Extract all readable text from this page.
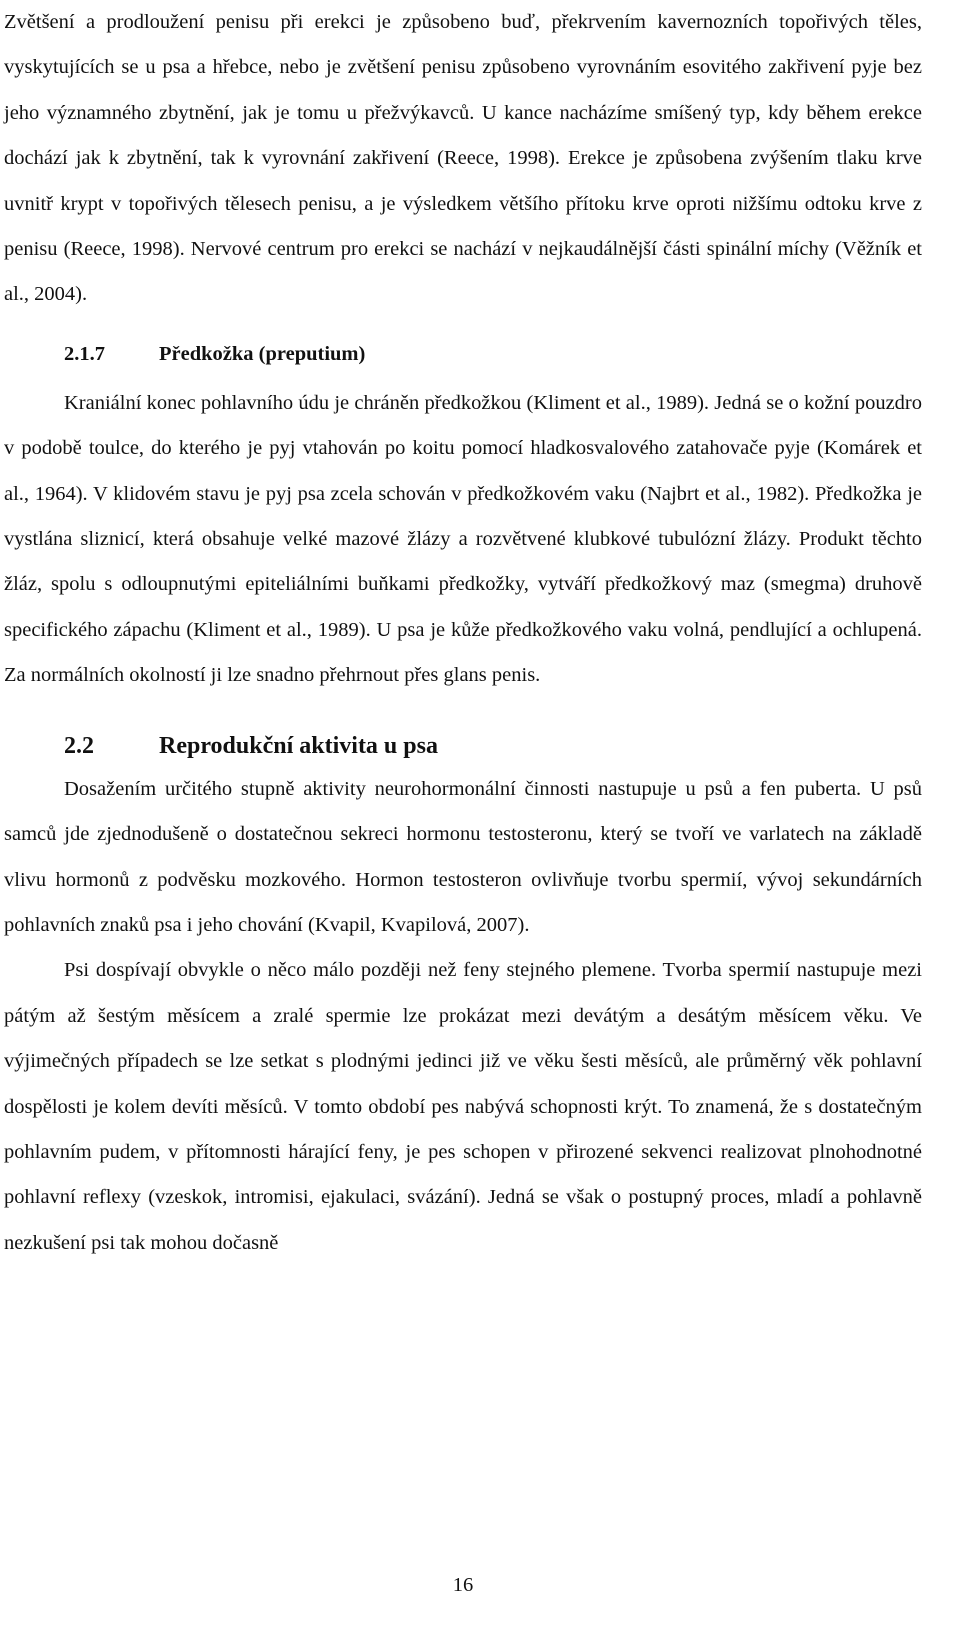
Zvětšení a prodloužení penisu při erekci je způsobeno buď, překrvením kavernozních topořivých těles, vyskytujících se u psa a hřebce, nebo je zvětšení penisu způsobeno vyrovnáním esovitého zakřivení pyje bez jeho významného zbytnění, jak je tomu u přežvýkavců. U kance nacházíme smíšený typ, kdy během erekce dochází jak k zbytnění, tak k vyrovnání zakřivení (Reece, 1998). Erekce je způsobena zvýšením tlaku krve uvnitř krypt v topořivých tělesech penisu, a je výsledkem většího přítoku krve oproti nižšímu odtoku krve z penisu (Reece, 1998). Nervové centrum pro erekci se nachází v nejkaudálnější části spinální míchy (Věžník et al., 2004).

2.1.7	Předkožka (preputium)

Kraniální konec pohlavního údu je chráněn předkožkou (Kliment et al., 1989). Jedná se o kožní pouzdro v podobě toulce, do kterého je pyj vtahován po koitu pomocí hladkosvalového zatahovače pyje (Komárek et al., 1964). V klidovém stavu je pyj psa zcela schován v předkožkovém vaku (Najbrt et al., 1982). Předkožka je vystlána sliznicí, která obsahuje velké mazové žlázy a rozvětvené klubkové tubulózní žlázy. Produkt těchto žláz, spolu s odloupnutými epiteliálními buňkami předkožky, vytváří předkožkový maz (smegma) druhově specifického zápachu (Kliment et al., 1989). U psa je kůže předkožkového vaku volná, pendlující a ochlupená. Za normálních okolností ji lze snadno přehrnout přes glans penis.

2.2	Reprodukční aktivita u psa

Dosažením určitého stupně aktivity neurohormonální činnosti nastupuje u psů a fen puberta. U psů samců jde zjednodušeně o dostatečnou sekreci hormonu testosteronu, který se tvoří ve varlatech na základě vlivu hormonů z podvěsku mozkového. Hormon testosteron ovlivňuje tvorbu spermií, vývoj sekundárních pohlavních znaků psa i jeho chování (Kvapil, Kvapilová, 2007).

Psi dospívají obvykle o něco málo později než feny stejného plemene. Tvorba spermií nastupuje mezi pátým až šestým měsícem a zralé spermie lze prokázat mezi devátým a desátým měsícem věku. Ve výjimečných případech se lze setkat s plodnými jedinci již ve věku šesti měsíců, ale průměrný věk pohlavní dospělosti je kolem devíti měsíců. V tomto období pes nabývá schopnosti krýt. To znamená, že s dostatečným pohlavním pudem, v přítomnosti hárající feny, je pes schopen v přirozené sekvenci realizovat plnohodnotné pohlavní reflexy (vzeskok, intromisi, ejakulaci, svázání). Jedná se však o postupný proces, mladí a pohlavně nezkušení psi tak mohou dočasně

16
